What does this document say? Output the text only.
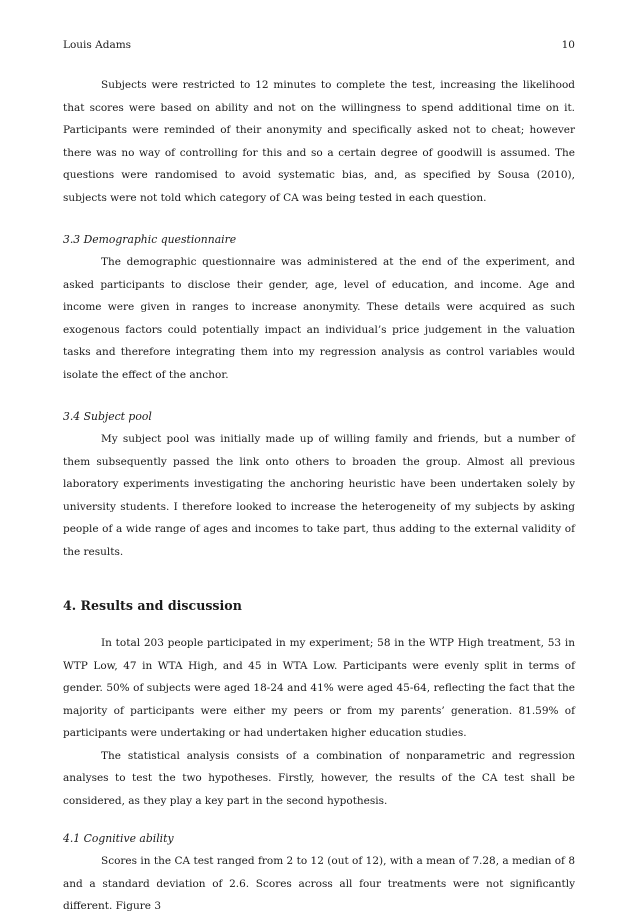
Louis Adams	10

Subjects were restricted to 12 minutes to complete the test, increasing the likelihood that scores were based on ability and not on the willingness to spend additional time on it. Participants were reminded of their anonymity and specifically asked not to cheat; however there was no way of controlling for this and so a certain degree of goodwill is assumed. The questions were randomised to avoid systematic bias, and, as specified by Sousa (2010), subjects were not told which category of CA was being tested in each question.

3.3 Demographic questionnaire

The demographic questionnaire was administered at the end of the experiment, and asked participants to disclose their gender, age, level of education, and income. Age and income were given in ranges to increase anonymity. These details were acquired as such exogenous factors could potentially impact an individual’s price judgement in the valuation tasks and therefore integrating them into my regression analysis as control variables would isolate the effect of the anchor.

3.4 Subject pool

My subject pool was initially made up of willing family and friends, but a number of them subsequently passed the link onto others to broaden the group. Almost all previous laboratory experiments investigating the anchoring heuristic have been undertaken solely by university students. I therefore looked to increase the heterogeneity of my subjects by asking people of a wide range of ages and incomes to take part, thus adding to the external validity of the results.

4. Results and discussion

In total 203 people participated in my experiment; 58 in the WTP High treatment, 53 in WTP Low, 47 in WTA High, and 45 in WTA Low. Participants were evenly split in terms of gender. 50% of subjects were aged 18-24 and 41% were aged 45-64, reflecting the fact that the majority of participants were either my peers or from my parents’ generation. 81.59% of participants were undertaking or had undertaken higher education studies.

The statistical analysis consists of a combination of nonparametric and regression analyses to test the two hypotheses. Firstly, however, the results of the CA test shall be considered, as they play a key part in the second hypothesis.

4.1 Cognitive ability

Scores in the CA test ranged from 2 to 12 (out of 12), with a mean of 7.28, a median of 8 and a standard deviation of 2.6. Scores across all four treatments were not significantly different. Figure 3
